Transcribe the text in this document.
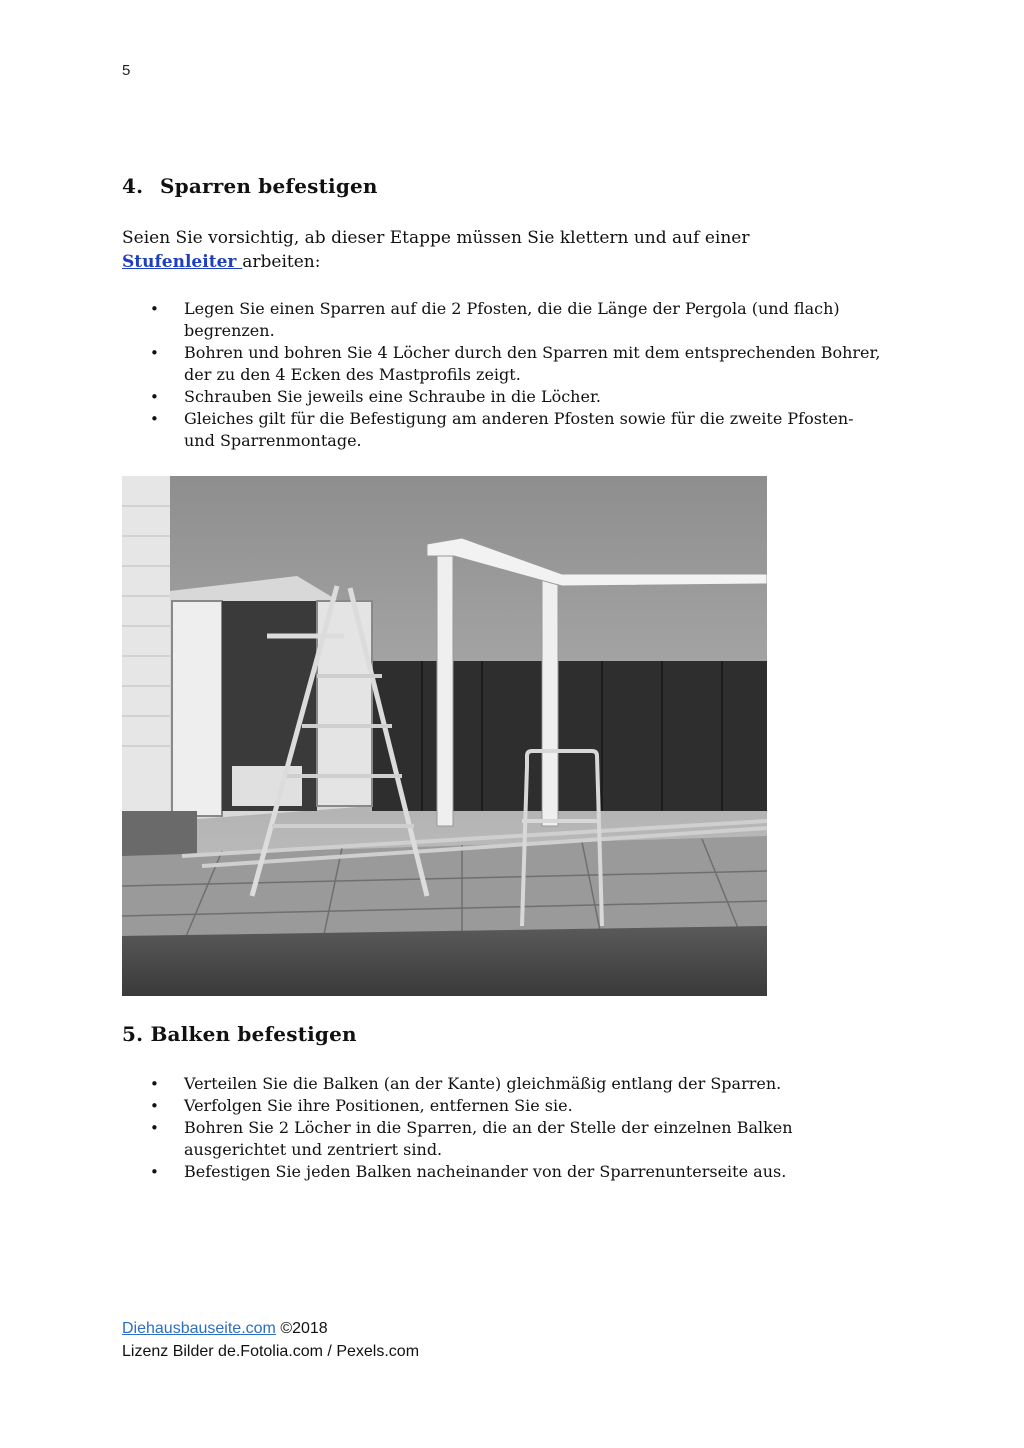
5
4. Sparren befestigen

Seien Sie vorsichtig, ab dieser Etappe müssen Sie klettern und auf einer
Stufenleiter arbeiten:

• Legen Sie einen Sparren auf die 2 Pfosten, die die Länge der Pergola (und flach) begrenzen.
• Bohren und bohren Sie 4 Löcher durch den Sparren mit dem entsprechenden Bohrer, der zu den 4 Ecken des Mastprofils zeigt.
• Schrauben Sie jeweils eine Schraube in die Löcher.
• Gleiches gilt für die Befestigung am anderen Pfosten sowie für die zweite Pfosten- und Sparrenmontage.
5. Balken befestigen
• Verteilen Sie die Balken (an der Kante) gleichmäßig entlang der Sparren.
• Verfolgen Sie ihre Positionen, entfernen Sie sie.
• Bohren Sie 2 Löcher in die Sparren, die an der Stelle der einzelnen Balken ausgerichtet und zentriert sind.
• Befestigen Sie jeden Balken nacheinander von der Sparrenunterseite aus.
Diehausbauseite.com ©2018
Lizenz Bilder de.Fotolia.com / Pexels.com
